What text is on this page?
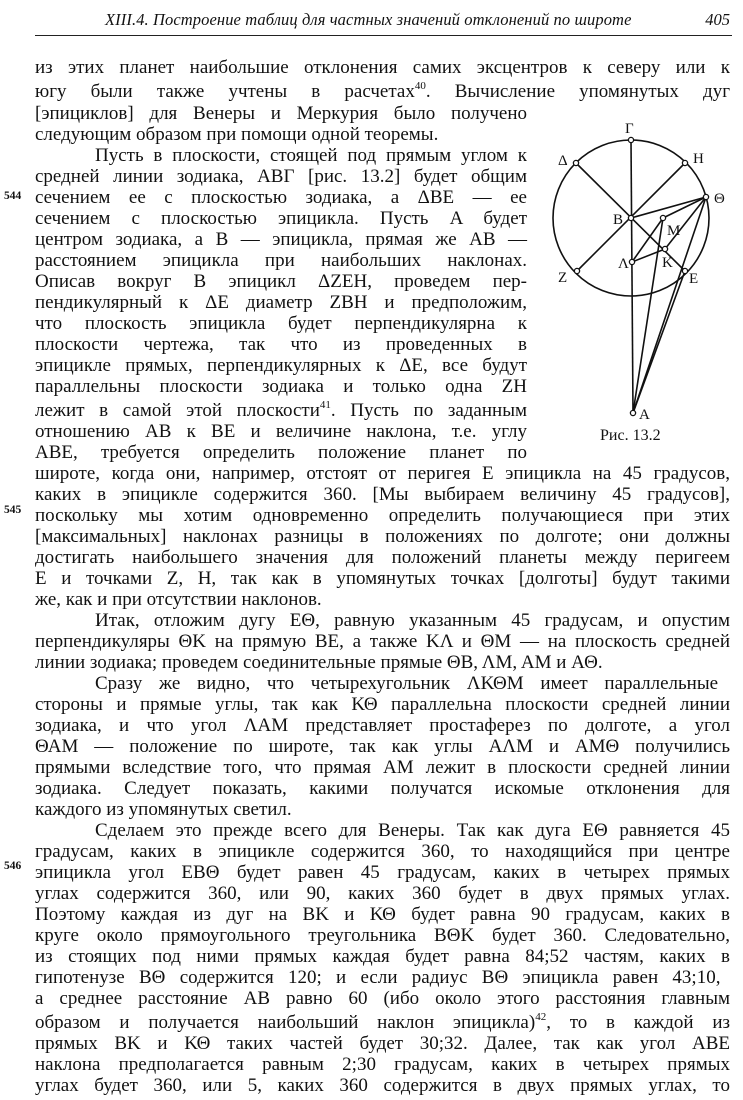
XIII.4. Построение таблиц для частных значений отклонений по широте	405
из этих планет наибольшие отклонения самих эксцентров к северу или к
югу были также учтены в расчетах$^{40}$. Вычисление упомянутых дуг
[эпициклов] для Венеры и Меркурия было получено
следующим образом при помощи одной теоремы.
Пусть в плоскости, стоящей под прямым углом к
средней линии зодиака, ΑΒΓ [рис. 13.2] будет общим
сечением ее с плоскостью зодиака, а ΔΒΕ — ее
сечением с плоскостью эпицикла. Пусть Α будет
центром зодиака, а Β — эпицикла, прямая же ΑΒ —
расстоянием эпицикла при наибольших наклонах.
Описав вокруг Β эпицикл ΔΖΕΗ, проведем пер-
пендикулярный к ΔΕ диаметр ΖΒΗ и предположим,
что плоскость эпицикла будет перпендикулярна к
плоскости чертежа, так что из проведенных в
эпицикле прямых, перпендикулярных к ΔΕ, все будут
параллельны плоскости зодиака и только одна ΖΗ
лежит в самой этой плоскости$^{41}$. Пусть по заданным
отношению ΑΒ к ΒΕ и величине наклона, т.е. углу
ΑΒΕ, требуется определить положение планет по
широте, когда они, например, отстоят от перигея Ε эпицикла на 45 градусов,
каких в эпицикле содержится 360. [Мы выбираем величину 45 градусов],
поскольку мы хотим одновременно определить получающиеся при этих
[максимальных] наклонах разницы в положениях по долготе; они должны
достигать наибольшего значения для положений планеты между перигеем
Ε и точками Ζ, Η, так как в упомянутых точках [долготы] будут такими
же, как и при отсутствии наклонов.
Итак, отложим дугу ΕΘ, равную указанным 45 градусам, и опустим
перпендикуляры ΘΚ на прямую ΒΕ, а также ΚΛ и ΘΜ — на плоскость средней
линии зодиака; проведем соединительные прямые ΘΒ, ΛΜ, ΑΜ и ΑΘ.
Сразу же видно, что четырехугольник ΛΚΘΜ имеет параллельные
стороны и прямые углы, так как ΚΘ параллельна плоскости средней линии
зодиака, и что угол ΛΑΜ представляет простаферез по долготе, а угол
ΘΑΜ — положение по широте, так как углы ΑΛΜ и ΑΜΘ получились
прямыми вследствие того, что прямая ΑΜ лежит в плоскости средней линии
зодиака. Следует показать, какими получатся искомые отклонения для
каждого из упомянутых светил.
Сделаем это прежде всего для Венеры. Так как дуга ΕΘ равняется 45
градусам, каких в эпицикле содержится 360, то находящийся при центре
эпицикла угол ΕΒΘ будет равен 45 градусам, каких в четырех прямых
углах содержится 360, или 90, каких 360 будет в двух прямых углах.
Поэтому каждая из дуг на ΒΚ и ΚΘ будет равна 90 градусам, каких в
круге около прямоугольного треугольника ΒΘΚ будет 360. Следовательно,
из стоящих под ними прямых каждая будет равна 84;52 частям, каких в
гипотенузе ΒΘ содержится 120; и если радиус ΒΘ эпицикла равен 43;10,
а среднее расстояние ΑΒ равно 60 (ибо около этого расстояния главным
образом и получается наибольший наклон эпицикла)$^{42}$, то в каждой из
прямых ΒΚ и ΚΘ таких частей будет 30;32. Далее, так как угол ΑΒΕ
наклона предполагается равным 2;30 градусам, каких в четырех прямых
углах будет 360, или 5, каких 360 содержится в двух прямых углах, то
544
545
546
Γ
Δ	Η
Θ
Β
Μ
Κ
Λ
Ζ	Ε
Α
Рис. 13.2
